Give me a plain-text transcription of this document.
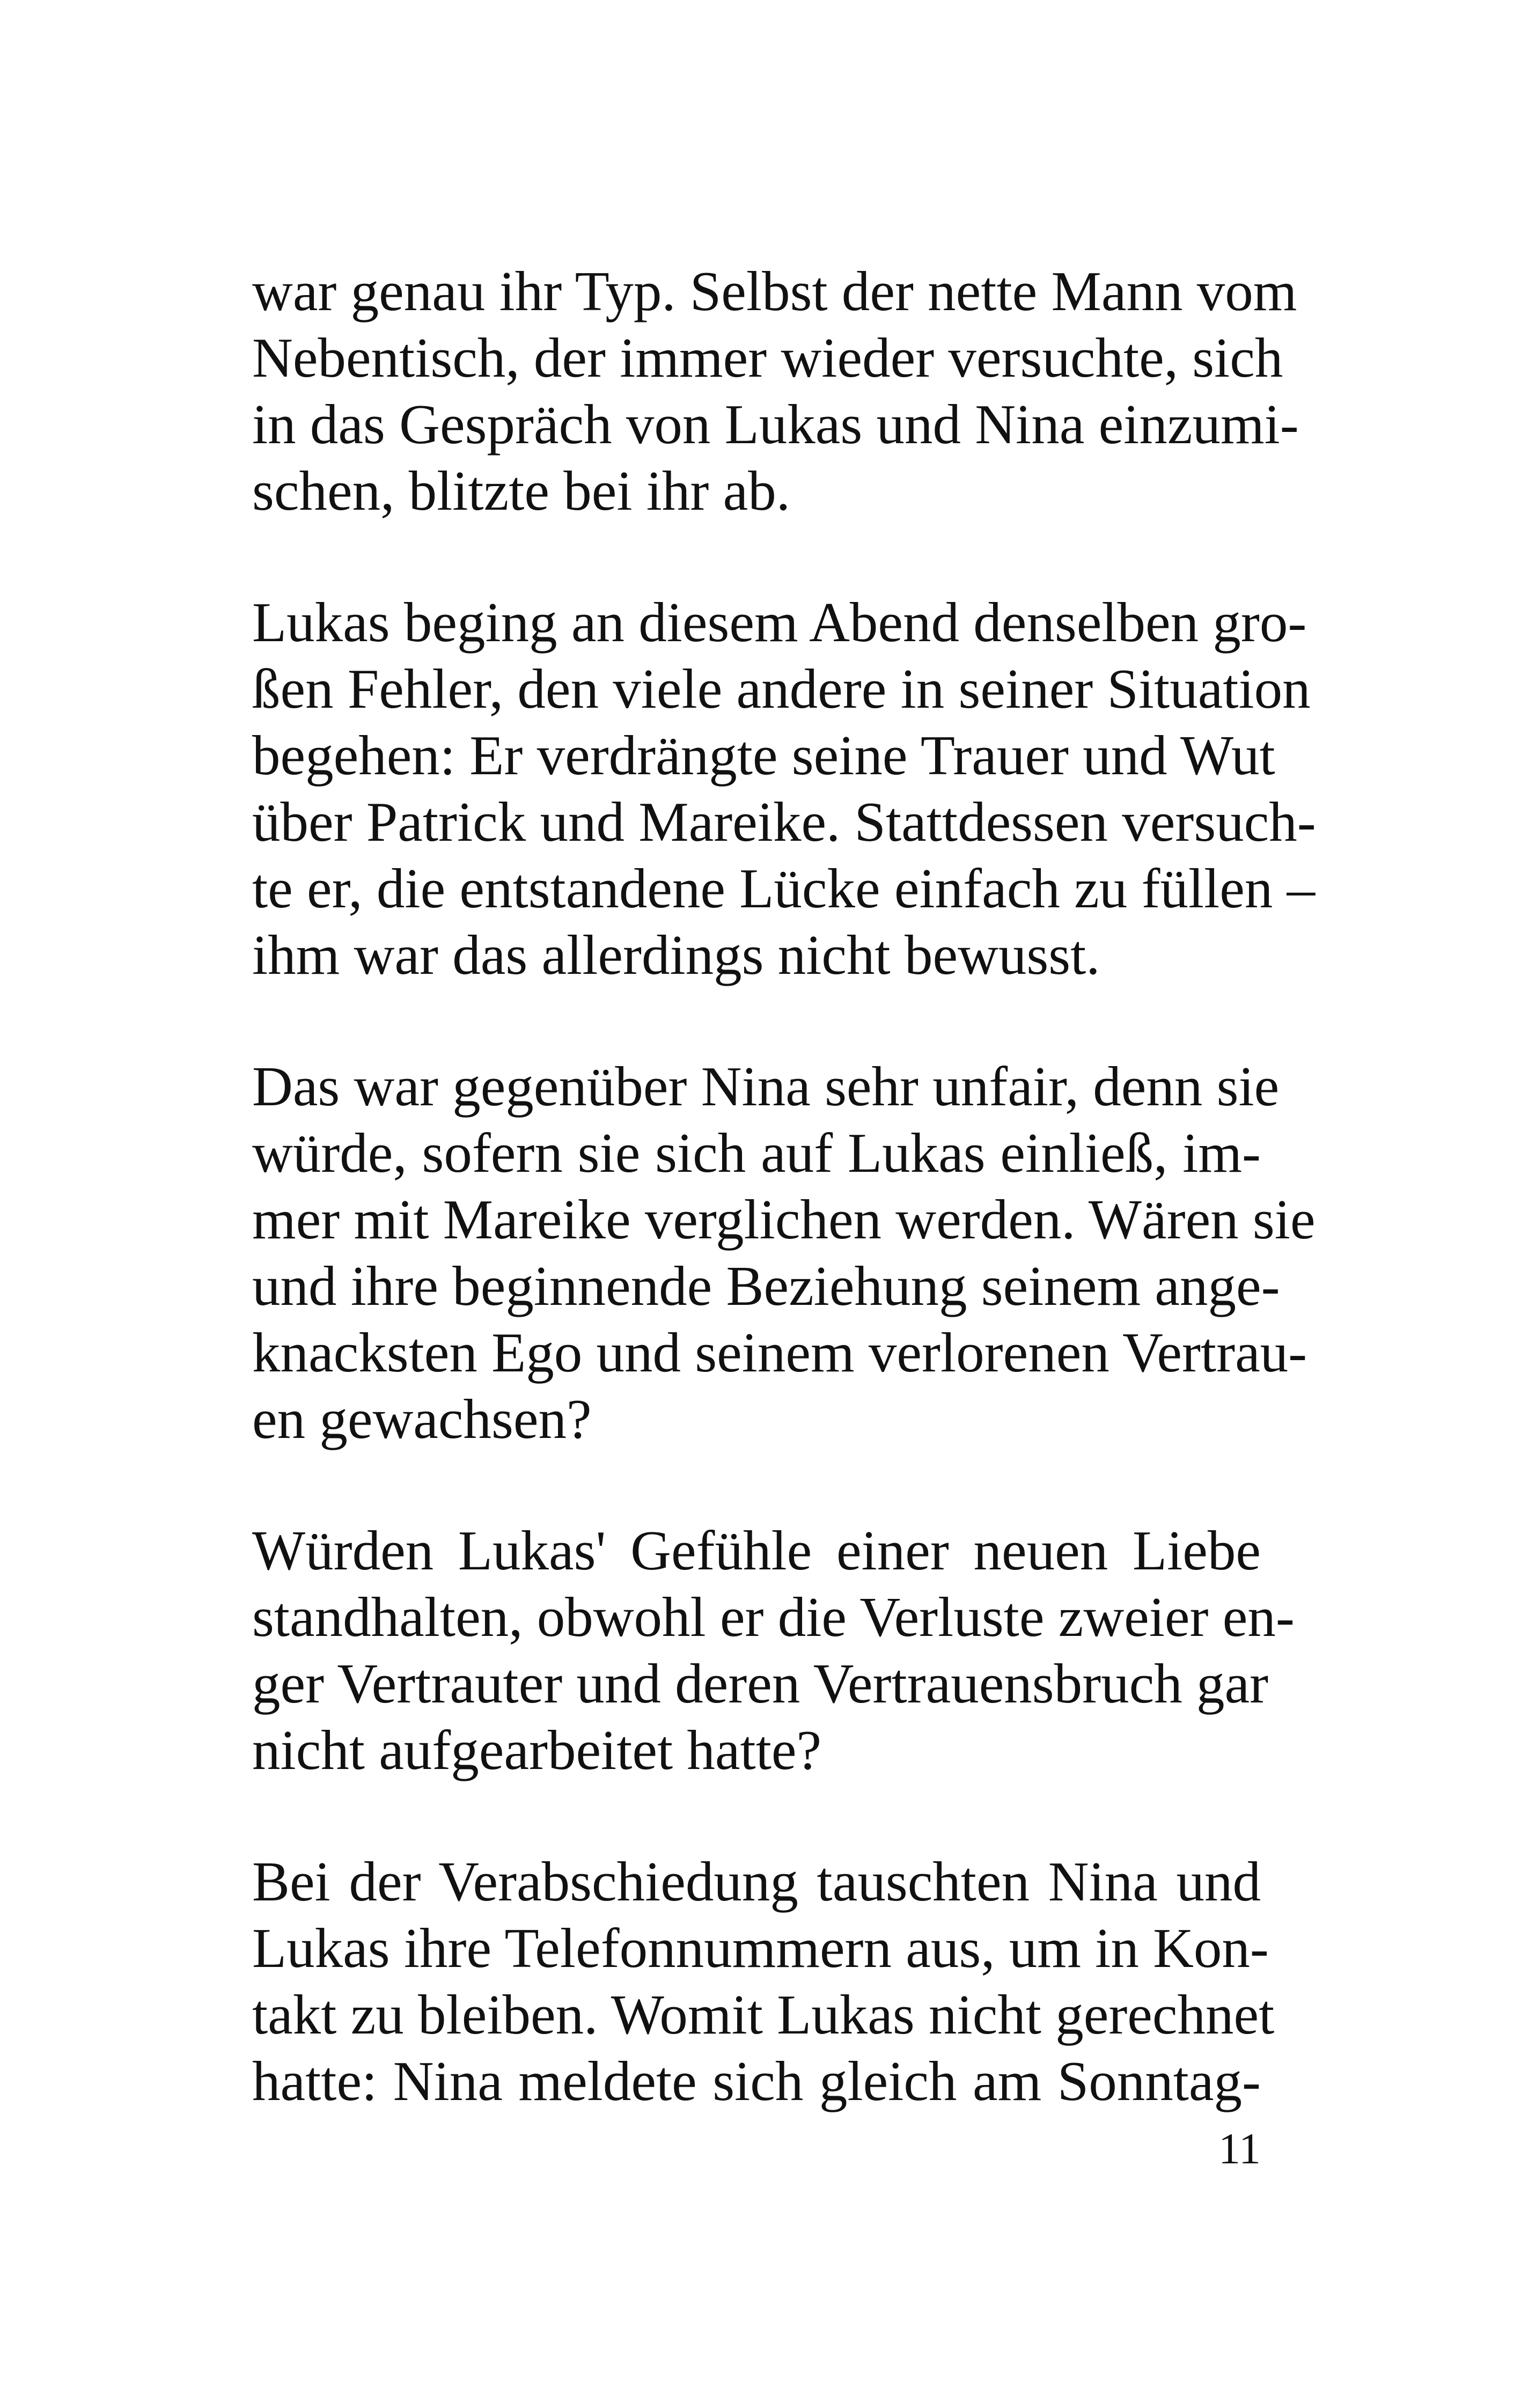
war genau ihr Typ. Selbst der nette Mann vom
Nebentisch, der immer wieder versuchte, sich
in das Gespräch von Lukas und Nina einzumi-
schen, blitzte bei ihr ab.
Lukas beging an diesem Abend denselben gro-
ßen Fehler, den viele andere in seiner Situation
begehen: Er verdrängte seine Trauer und Wut
über Patrick und Mareike. Stattdessen versuch-
te er, die entstandene Lücke einfach zu füllen –
ihm war das allerdings nicht bewusst.
Das war gegenüber Nina sehr unfair, denn sie
würde, sofern sie sich auf Lukas einließ, im-
mer mit Mareike verglichen werden. Wären sie
und ihre beginnende Beziehung seinem ange-
knacksten Ego und seinem verlorenen Vertrau-
en gewachsen?
Würden Lukas' Gefühle einer neuen Liebe
standhalten, obwohl er die Verluste zweier en-
ger Vertrauter und deren Vertrauensbruch gar
nicht aufgearbeitet hatte?
Bei der Verabschiedung tauschten Nina und
Lukas ihre Telefonnummern aus, um in Kon-
takt zu bleiben. Womit Lukas nicht gerechnet
hatte: Nina meldete sich gleich am Sonntag-
11
